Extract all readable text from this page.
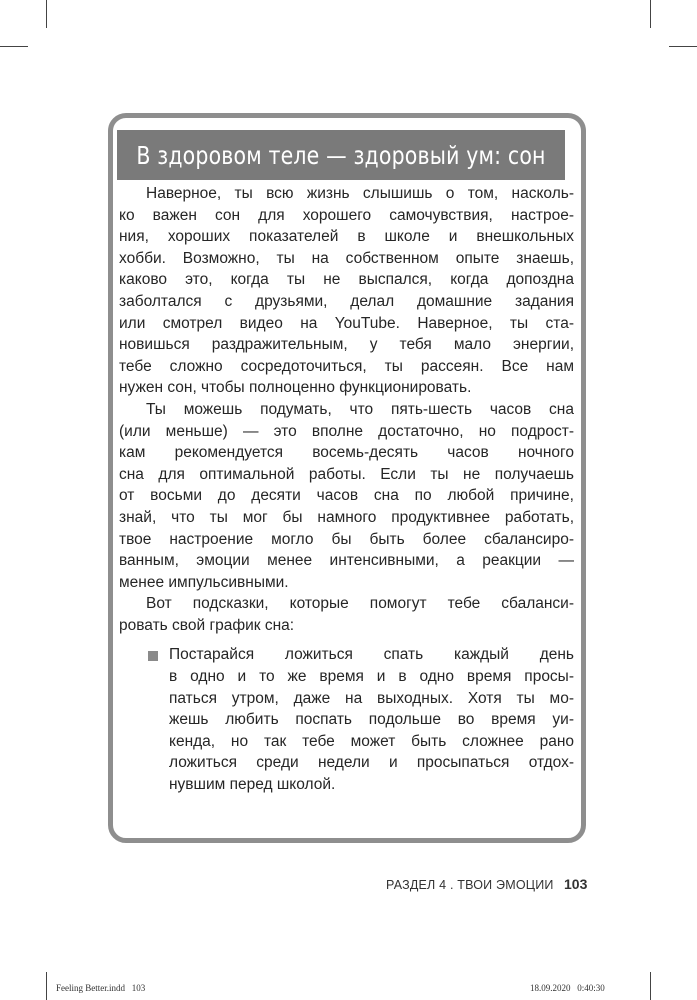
В здоровом теле — здоровый ум: сон

Наверное, ты всю жизнь слышишь о том, насколь-
ко важен сон для хорошего самочувствия, настрое-
ния, хороших показателей в школе и внешкольных
хобби. Возможно, ты на собственном опыте знаешь,
каково это, когда ты не выспался, когда допоздна
заболтался с друзьями, делал домашние задания
или смотрел видео на YouTube. Наверное, ты ста-
новишься раздражительным, у тебя мало энергии,
тебе сложно сосредоточиться, ты рассеян. Все нам
нужен сон, чтобы полноценно функционировать.

Ты можешь подумать, что пять-шесть часов сна
(или меньше) — это вполне достаточно, но подрост-
кам рекомендуется восемь-десять часов ночного
сна для оптимальной работы. Если ты не получаешь
от восьми до десяти часов сна по любой причине,
знай, что ты мог бы намного продуктивнее работать,
твое настроение могло бы быть более сбалансиро-
ванным, эмоции менее интенсивными, а реакции —
менее импульсивными.

Вот подсказки, которые помогут тебе сбаланси-
ровать свой график сна:

Постарайся ложиться спать каждый день
в одно и то же время и в одно время просы-
паться утром, даже на выходных. Хотя ты мо-
жешь любить поспать подольше во время уи-
кенда, но так тебе может быть сложнее рано
ложиться среди недели и просыпаться отдох-
нувшим перед школой.
РАЗДЕЛ 4 . ТВОИ ЭМОЦИИ 103
Feeling Better.indd   103	18.09.2020   0:40:30
